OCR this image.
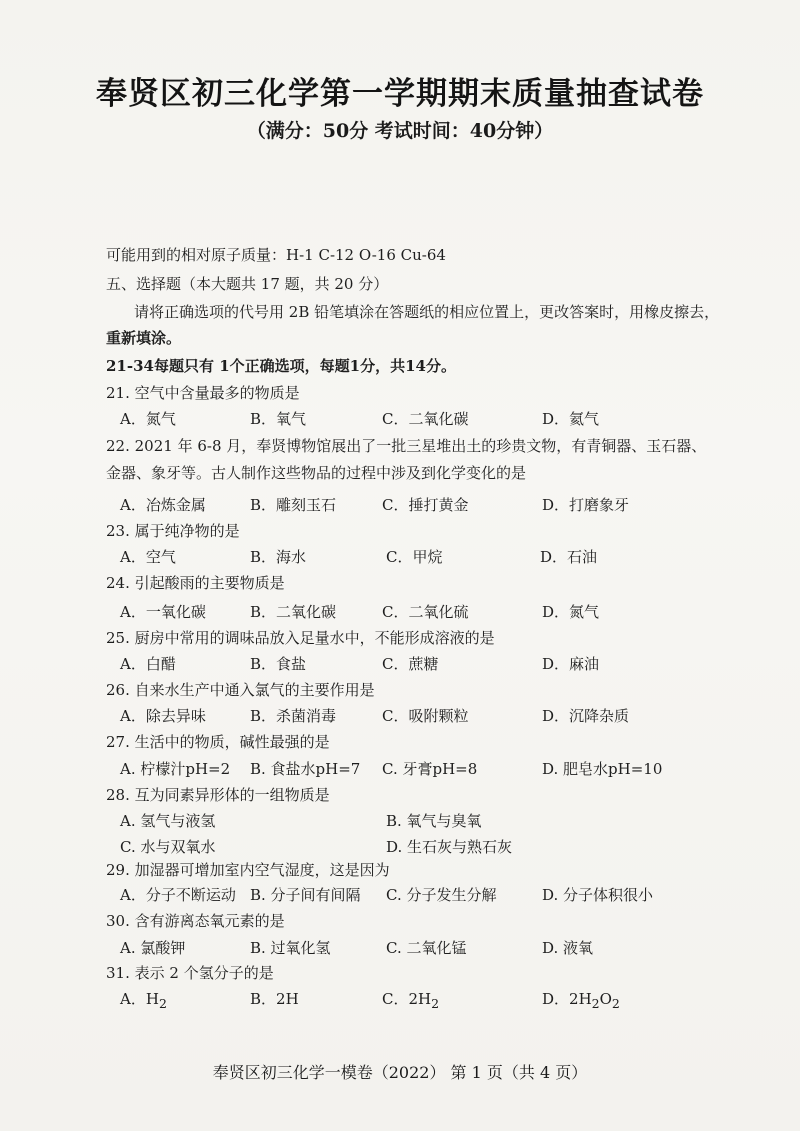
奉贤区初三化学第一学期期末质量抽查试卷
（满分：50分 考试时间：40分钟）
可能用到的相对原子质量：H-1 C-12 O-16 Cu-64
五、选择题（本大题共 17 题，共 20 分）
请将正确选项的代号用 2B 铅笔填涂在答题纸的相应位置上，更改答案时，用橡皮擦去，
重新填涂。
21-34每题只有 1个正确选项，每题1分，共14分。
21. 空气中含量最多的物质是
A．氮气	B．氧气	C．二氧化碳	D．氦气
22. 2021 年 6-8 月，奉贤博物馆展出了一批三星堆出土的珍贵文物，有青铜器、玉石器、
金器、象牙等。古人制作这些物品的过程中涉及到化学变化的是
A．冶炼金属	B．雕刻玉石	C．捶打黄金	D．打磨象牙
23. 属于纯净物的是
A．空气	B．海水	C．甲烷	D．石油
24. 引起酸雨的主要物质是
A．一氧化碳	B．二氧化碳	C．二氧化硫	D．氮气
25. 厨房中常用的调味品放入足量水中，不能形成溶液的是
A．白醋	B．食盐	C．蔗糖	D．麻油
26. 自来水生产中通入氯气的主要作用是
A．除去异味	B．杀菌消毒	C．吸附颗粒	D．沉降杂质
27. 生活中的物质，碱性最强的是
A. 柠檬汁pH=2 B. 食盐水pH=7 C. 牙膏pH=8	D. 肥皂水pH=10
28. 互为同素异形体的一组物质是
A. 氢气与液氢	B. 氧气与臭氧
C. 水与双氧水	D. 生石灰与熟石灰
29. 加湿器可增加室内空气湿度，这是因为
A．分子不断运动 B. 分子间有间隔 C. 分子发生分解	D. 分子体积很小
30. 含有游离态氧元素的是
A. 氯酸钾	B. 过氧化氢	C. 二氧化锰	D. 液氧
31. 表示 2 个氢分子的是
A．$H_2$	B．2H	C．$2H_2$	D．$2H_2O_2$
奉贤区初三化学一模卷（2022） 第 1 页（共 4 页）
